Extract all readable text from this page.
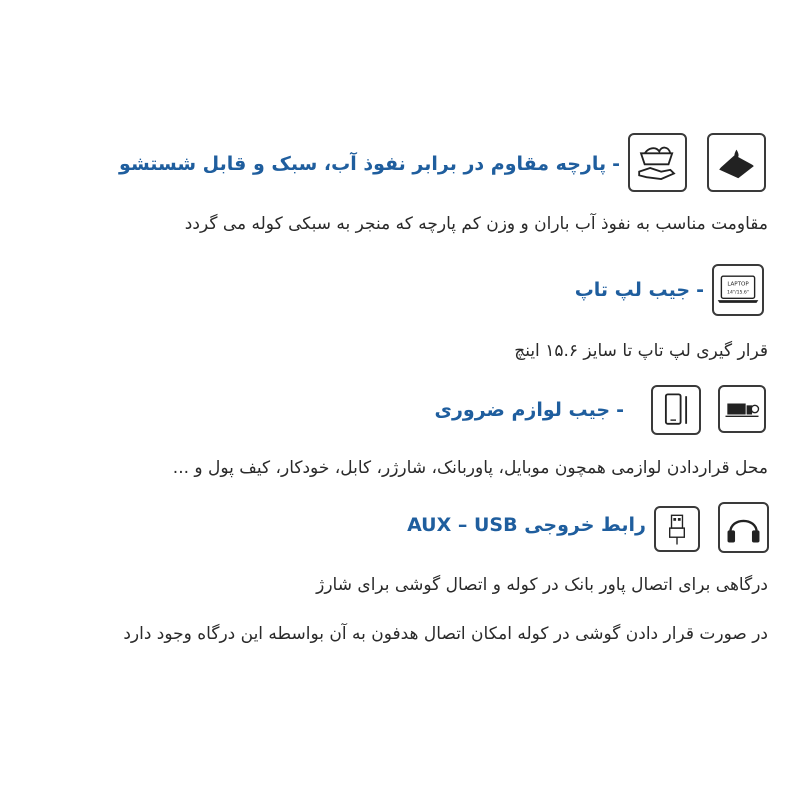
-پارچه مقاوم در برابر نفوذ آب، سبک و قابل شستشو
مقاومت مناسب به نفوذ آب باران و وزن کم پارچه که منجر به سبکی کوله می گردد
LAPTOP
14"/15.6"
-جیب لپ تاپ
قرار گیری لپ تاپ تا سایز ۱۵.۶ اینچ
-جیب لوازم ضروری
محل قراردادن لوازمی همچون موبایل، پاوربانک، شارژر، کابل، خودکار، کیف پول و ...
رابط خروجی AUX – USB
درگاهی برای اتصال پاور بانک در کوله و اتصال گوشی برای شارژ
در صورت قرار دادن گوشی در کوله امکان اتصال هدفون به آن بواسطه این درگاه وجود دارد
